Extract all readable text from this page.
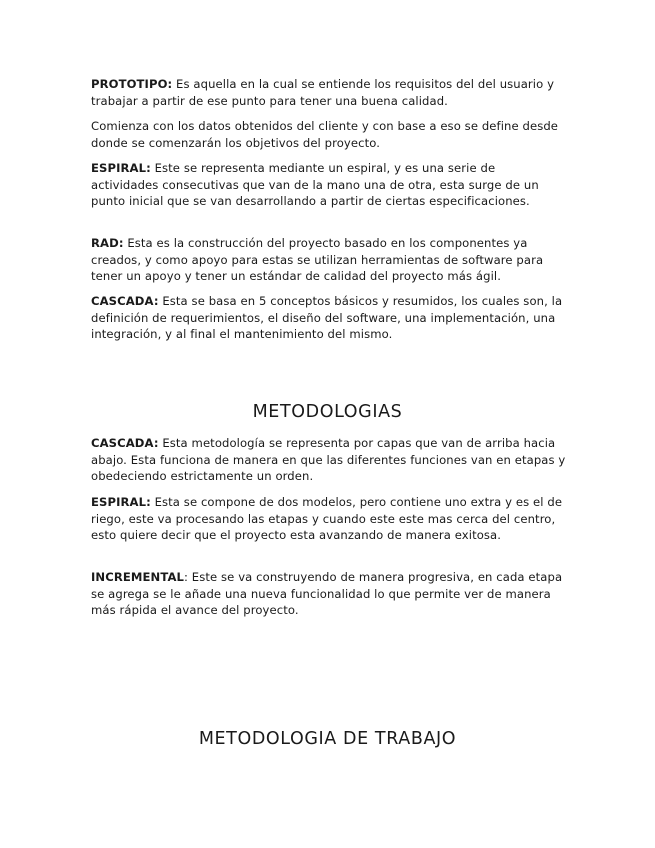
PROTOTIPO: Es aquella en la cual se entiende los requisitos del del usuario y trabajar a partir de ese punto para tener una buena calidad.

Comienza con los datos obtenidos del cliente y con base a eso se define desde donde se comenzarán los objetivos del proyecto.

ESPIRAL: Este se representa mediante un espiral, y es una serie de actividades consecutivas que van de la mano una de otra, esta surge de un punto inicial que se van desarrollando a partir de ciertas especificaciones.

RAD: Esta es la construcción del proyecto basado en los componentes ya creados, y como apoyo para estas se utilizan herramientas de software para tener un apoyo y tener un estándar de calidad del proyecto más ágil.

CASCADA: Esta se basa en 5 conceptos básicos y resumidos, los cuales son, la definición de requerimientos, el diseño del software, una implementación, una integración, y al final el mantenimiento del mismo.

METODOLOGIAS

CASCADA: Esta metodología se representa por capas que van de arriba hacia abajo. Esta funciona de manera en que las diferentes funciones van en etapas y obedeciendo estrictamente un orden.

ESPIRAL: Esta se compone de dos modelos, pero contiene uno extra y es el de riego, este va procesando las etapas y cuando este este mas cerca del centro, esto quiere decir que el proyecto esta avanzando de manera exitosa.

INCREMENTAL: Este se va construyendo de manera progresiva, en cada etapa se agrega se le añade una nueva funcionalidad lo que permite ver de manera más rápida el avance del proyecto.

METODOLOGIA DE TRABAJO
